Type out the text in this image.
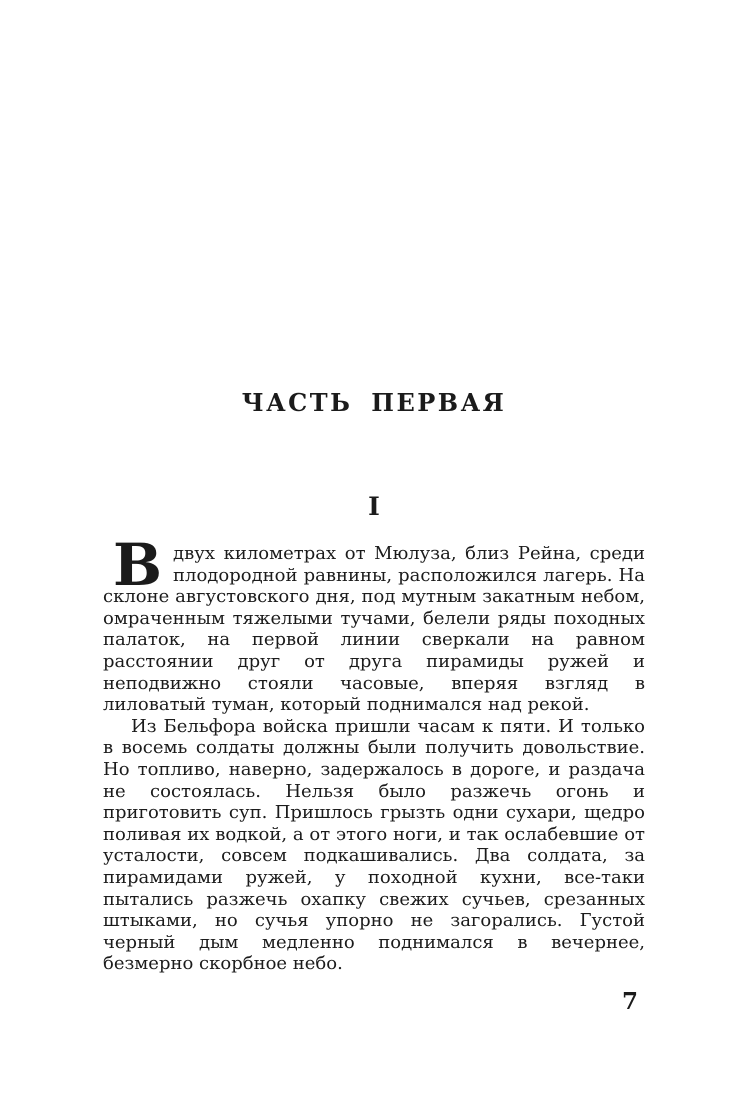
ЧАСТЬ ПЕРВАЯ
I

Вдвух километрах от Мюлуза, близ Рейна, среди плодородной равнины, расположился лагерь. На склоне августовского дня, под мутным закатным небом, омраченным тяжелыми тучами, белели ряды походных палаток, на первой линии сверкали на равном расстоянии друг от друга пирамиды ружей и неподвижно стояли часовые, вперяя взгляд в лиловатый туман, который поднимался над рекой.

Из Бельфора войска пришли часам к пяти. И только в восемь солдаты должны были получить довольствие. Но топливо, наверно, задержалось в дороге, и раздача не состоялась. Нельзя было разжечь огонь и приготовить суп. Пришлось грызть одни сухари, щедро поливая их водкой, а от этого ноги, и так ослабевшие от усталости, совсем подкашивались. Два солдата, за пирамидами ружей, у походной кухни, все-таки пытались разжечь охапку свежих сучьев, срезанных штыками, но сучья упорно не загорались. Густой черный дым медленно поднимался в вечернее, безмерно скорбное небо.

7
